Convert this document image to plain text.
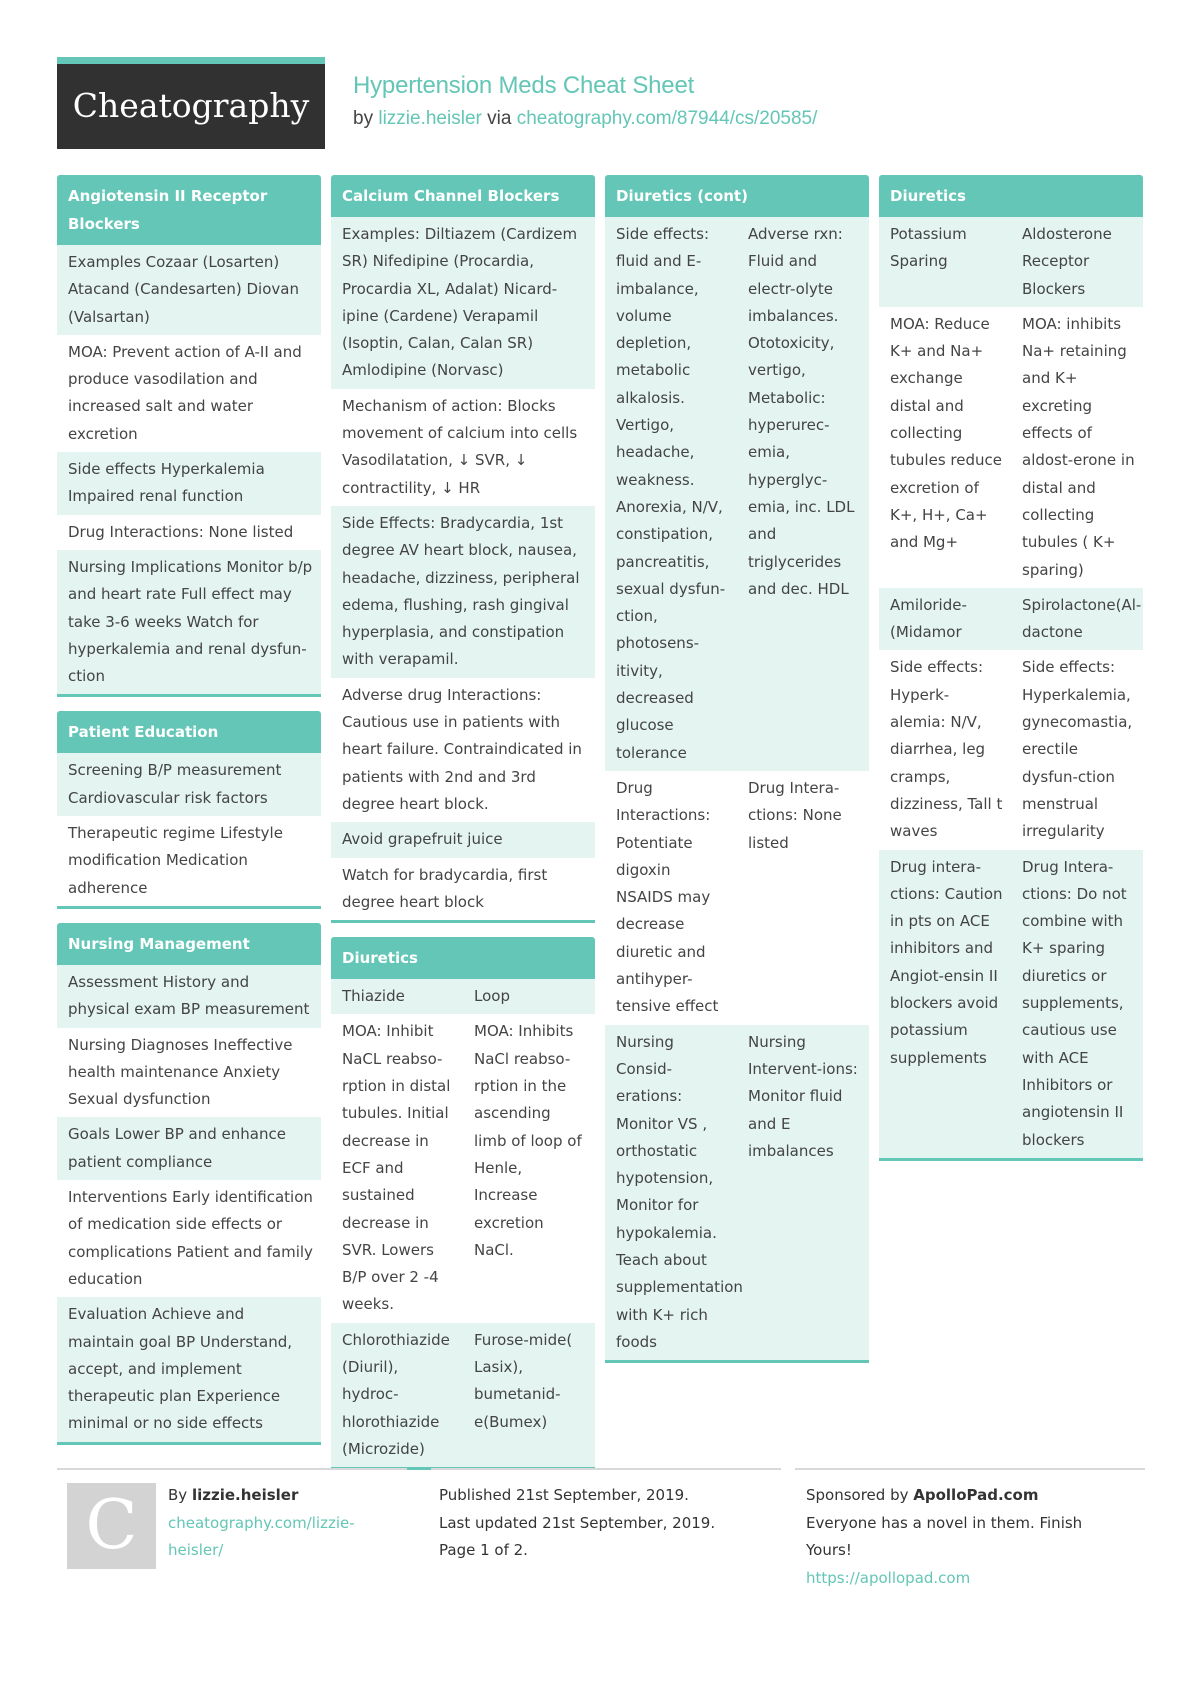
Cheatography
Hypertension Meds Cheat Sheet
by lizzie.heisler via cheatography.com/87944/cs/20585/
Angiotensin II Receptor Blockers
Examples Cozaar (Losarten) Atacand (Candesarten) Diovan (Valsartan)
MOA: Prevent action of A-II and produce vasodilation and increased salt and water excretion
Side effects Hyperkalemia Impaired renal function
Drug Interactions: None listed
Nursing Implications Monitor b/p and heart rate Full effect may take 3-6 weeks Watch for hyperkalemia and renal dysfun-ction
Patient Education
Screening B/P measurement Cardiovascular risk factors
Therapeutic regime Lifestyle modification Medication adherence
Nursing Management
Assessment History and physical exam BP measurement
Nursing Diagnoses Ineffective health maintenance Anxiety Sexual dysfunction
Goals Lower BP and enhance patient compliance
Interventions Early identification of medication side effects or complications Patient and family education
Evaluation Achieve and maintain goal BP Understand, accept, and implement therapeutic plan Experience minimal or no side effects
Calcium Channel Blockers
Examples: Diltiazem (Cardizem SR) Nifedipine (Procardia, Procardia XL, Adalat) Nicard-ipine (Cardene) Verapamil (Isoptin, Calan, Calan SR) Amlodipine (Norvasc)
Mechanism of action: Blocks movement of calcium into cells Vasodilatation, ↓ SVR, ↓ contractility, ↓ HR
Side Effects: Bradycardia, 1st degree AV heart block, nausea, headache, dizziness, peripheral edema, flushing, rash gingival hyperplasia, and constipation with verapamil.
Adverse drug Interactions: Cautious use in patients with heart failure. Contraindicated in patients with 2nd and 3rd degree heart block.
Avoid grapefruit juice
Watch for bradycardia, first degree heart block
Diuretics
Thiazide	Loop
MOA: Inhibit NaCL reabso-rption in distal tubules. Initial decrease in ECF and sustained decrease in SVR. Lowers B/P over 2 -4 weeks.
MOA: Inhibits NaCl reabso-rption in the ascending limb of loop of Henle, Increase excretion NaCl.
Chlorothiazide (Diuril), hydroc-hlorothiazide (Microzide)
Furose-mide( Lasix), bumetanid-e(Bumex)
Diuretics (cont)
Side effects: fluid and E-imbalance, volume depletion, metabolic alkalosis. Vertigo, headache, weakness. Anorexia, N/V, constipation, pancreatitis, sexual dysfun-ction, photosens-itivity, decreased glucose tolerance
Adverse rxn: Fluid and electr-olyte imbalances. Ototoxicity, vertigo, Metabolic: hyperurec-emia, hyperglyc-emia, inc. LDL and triglycerides and dec. HDL
Drug Interactions: Potentiate digoxin NSAIDS may decrease diuretic and antihyper-tensive effect
Drug Intera-ctions: None listed
Nursing Consid-erations: Monitor VS , orthostatic hypotension, Monitor for hypokalemia. Teach about supplementation with K+ rich foods
Nursing Intervent-ions: Monitor fluid and E imbalances
Diuretics
Potassium Sparing
Aldosterone Receptor Blockers
MOA: Reduce K+ and Na+ exchange distal and collecting tubules reduce excretion of K+, H+, Ca+ and Mg+
MOA: inhibits Na+ retaining and K+ excreting effects of aldost-erone in distal and collecting tubules ( K+ sparing)
Amiloride-(Midamor
Spirolactone(Al-dactone
Side effects: Hyperk-alemia: N/V, diarrhea, leg cramps, dizziness, Tall t waves
Side effects: Hyperkalemia, gynecomastia, erectile dysfun-ction menstrual irregularity
Drug intera-ctions: Caution in pts on ACE inhibitors and Angiot-ensin II blockers avoid potassium supplements
Drug Intera-ctions: Do not combine with K+ sparing diuretics or supplements, cautious use with ACE Inhibitors or angiotensin II blockers
C	By lizzie.heisler
cheatography.com/lizzie-heisler/
Published 21st September, 2019.
Last updated 21st September, 2019.
Page 1 of 2.
Sponsored by ApolloPad.com
Everyone has a novel in them. Finish Yours!
https://apollopad.com
